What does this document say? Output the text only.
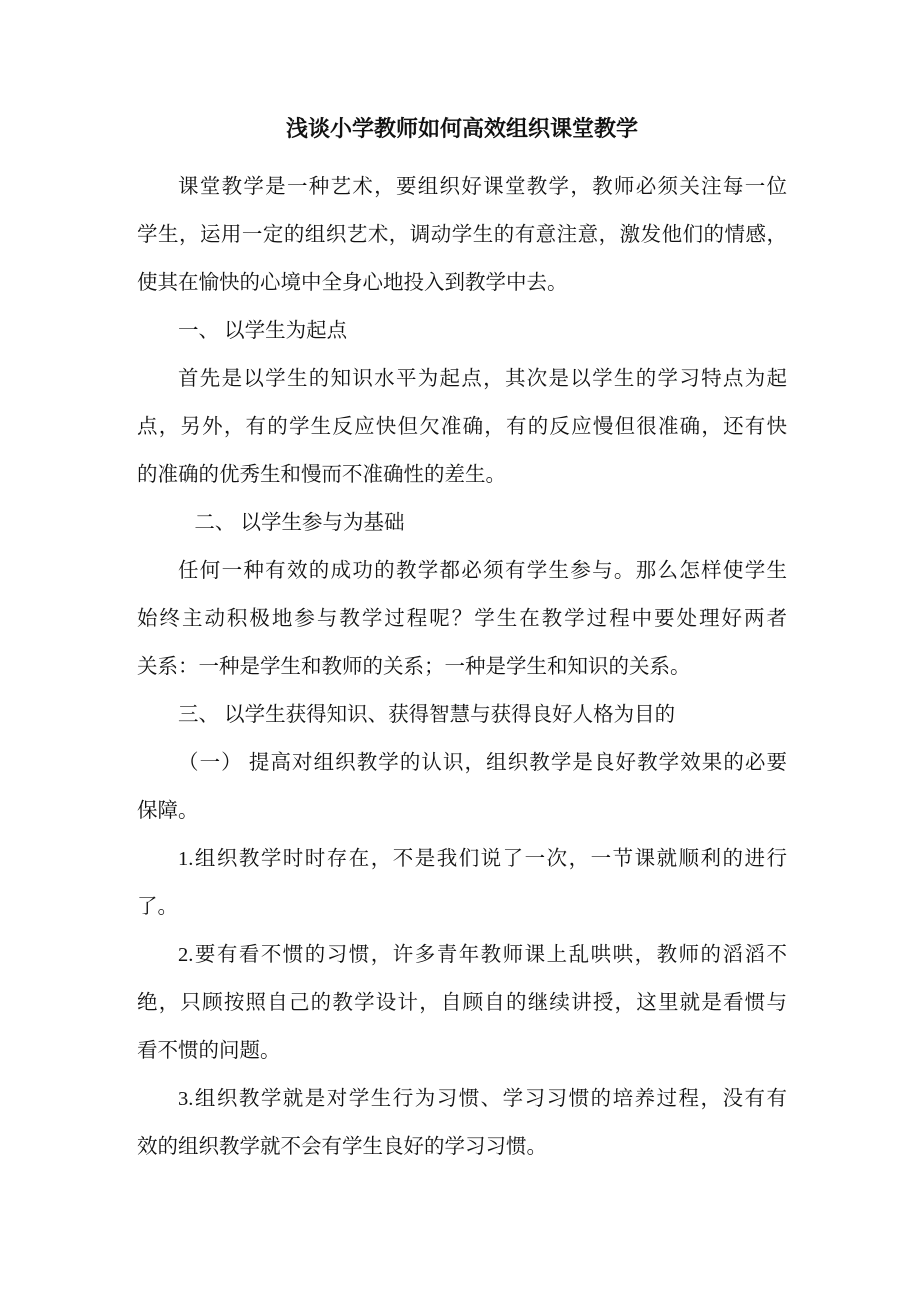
浅谈小学教师如何高效组织课堂教学
课堂教学是一种艺术，要组织好课堂教学，教师必须关注每一位
学生，运用一定的组织艺术，调动学生的有意注意，激发他们的情感，
使其在愉快的心境中全身心地投入到教学中去。
一、 以学生为起点
首先是以学生的知识水平为起点，其次是以学生的学习特点为起
点，另外，有的学生反应快但欠准确，有的反应慢但很准确，还有快
的准确的优秀生和慢而不准确性的差生。
二、 以学生参与为基础
任何一种有效的成功的教学都必须有学生参与。那么怎样使学生
始终主动积极地参与教学过程呢？学生在教学过程中要处理好两者
关系：一种是学生和教师的关系；一种是学生和知识的关系。
三、 以学生获得知识、获得智慧与获得良好人格为目的
（一） 提高对组织教学的认识，组织教学是良好教学效果的必要
保障。
1.组织教学时时存在，不是我们说了一次，一节课就顺利的进行
了。
2.要有看不惯的习惯，许多青年教师课上乱哄哄，教师的滔滔不
绝，只顾按照自己的教学设计，自顾自的继续讲授，这里就是看惯与
看不惯的问题。
3.组织教学就是对学生行为习惯、学习习惯的培养过程，没有有
效的组织教学就不会有学生良好的学习习惯。
